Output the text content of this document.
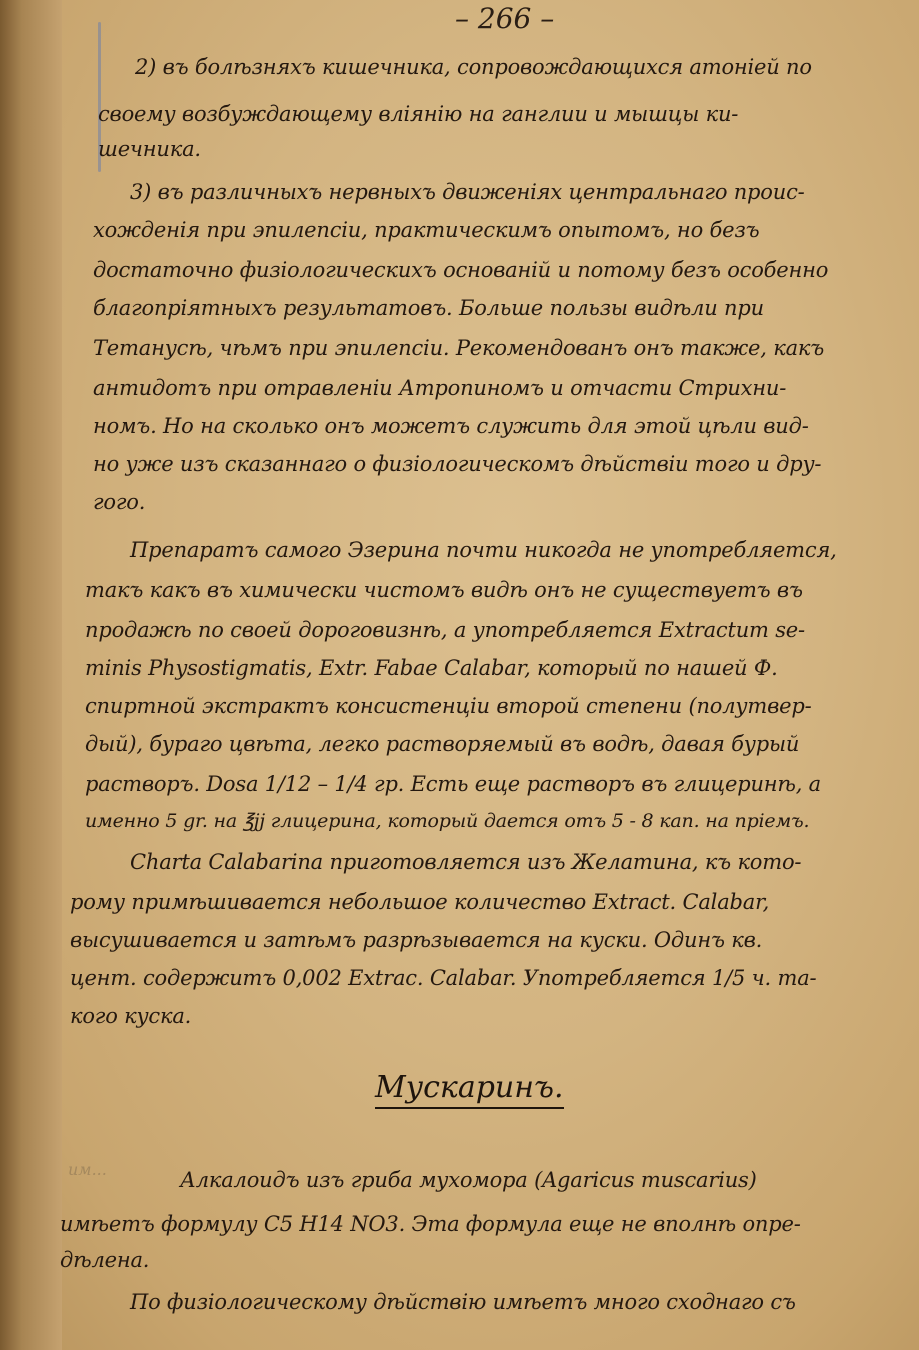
– 266 –
2) въ болѣзняхъ кишечника, сопровождающихся атоніей по
своему возбуждающему вліянію на ганглии и мышцы ки-
шечника.
3) въ различныхъ нервныхъ движеніях центральнаго проис-
хожденія при эпилепсіи, практическимъ опытомъ, но безъ
достаточно физіологическихъ основаній и потому безъ особенно
благопріятныхъ результатовъ. Больше пользы видѣли при
Тетанусѣ, чѣмъ при эпилепсіи. Рекомендованъ онъ также, какъ
антидотъ при отравленіи Атропиномъ и отчасти Стрихни-
номъ. Но на сколько онъ можетъ служить для этой цѣли вид-
но уже изъ сказаннаго о физіологическомъ дѣйствіи того и дру-
гого.
Препаратъ самого Эзерина почти никогда не употребляется,
такъ какъ въ химически чистомъ видѣ онъ не существуетъ въ
продажѣ по своей дороговизнѣ, а употребляется Extractum se-
minis Physostigmatis, Extr. Fabae Calabar, который по нашей Ф.
спиртной экстрактъ консистенціи второй степени (полутвер-
дый), бураго цвѣта, легко растворяемый въ водѣ, давая бурый
растворъ. Dosa 1/12 – 1/4 гр. Есть еще растворъ въ глицеринѣ, а
именно 5 gr. на ℥jj глицерина, который дается отъ 5 - 8 кап. на пріемъ.
Charta Calabarina приготовляется изъ Желатина, къ кото-
рому примѣшивается небольшое количество Extract. Calabar,
высушивается и затѣмъ разрѣзывается на куски. Одинъ кв.
цент. содержитъ 0,002 Extrac. Calabar. Употребляется 1/5 ч. та-
кого куска.
Мускаринъ.
им...	Алкалоидъ изъ гриба мухомора (Agaricus muscarius)
имѣетъ формулу C5 H14 NO3. Эта формула еще не вполнѣ опре-
дѣлена.
По физіологическому дѣйствію имѣетъ много сходнаго съ
